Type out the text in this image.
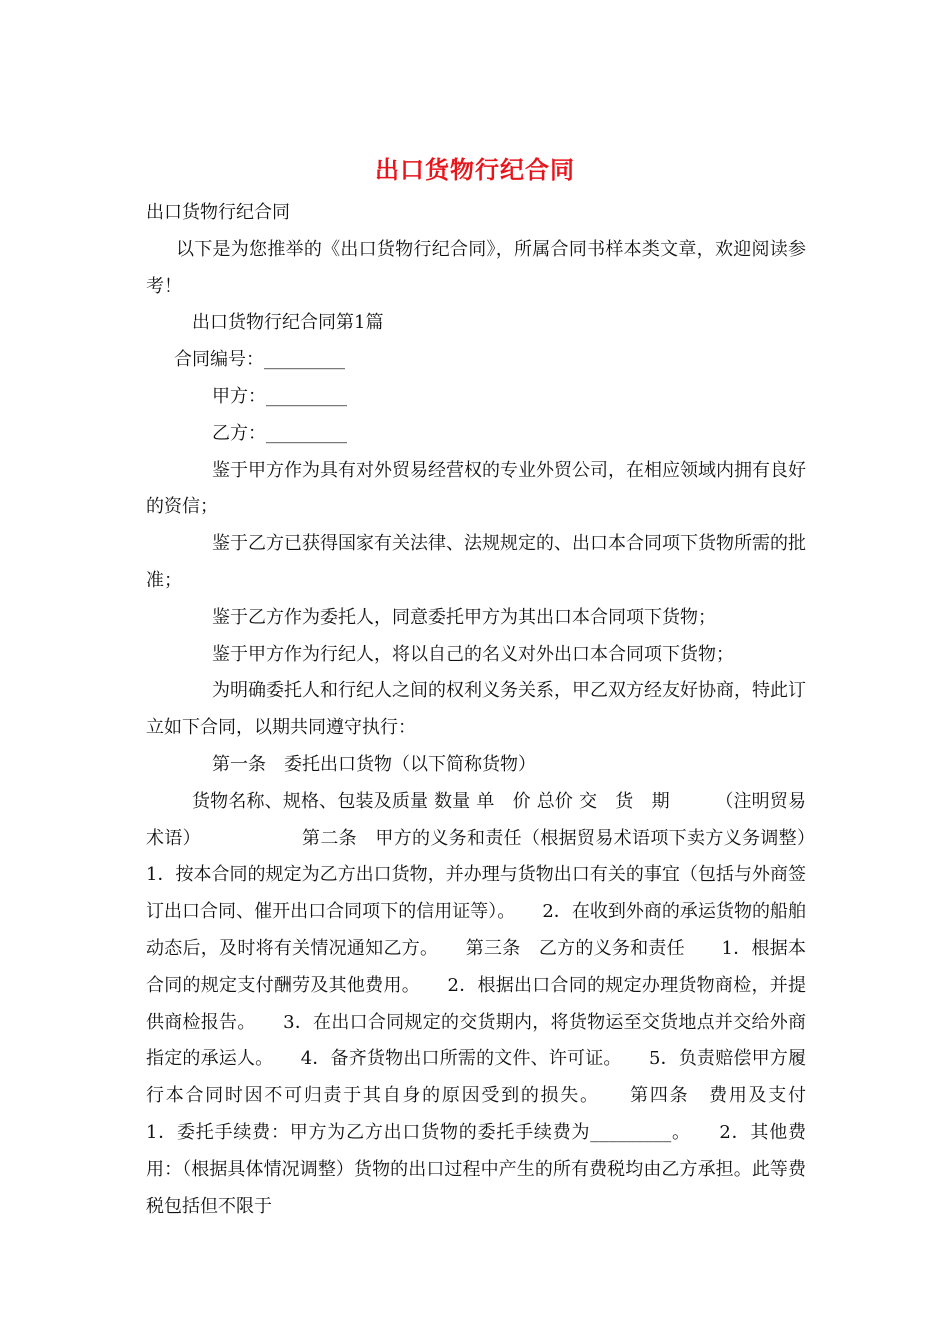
出口货物行纪合同

出口货物行纪合同

以下是为您推举的《出口货物行纪合同》，所属合同书样本类文章，欢迎阅读参考！

出口货物行纪合同第1篇

合同编号：_________

甲方：_________

乙方：_________

鉴于甲方作为具有对外贸易经营权的专业外贸公司，在相应领域内拥有良好的资信；

鉴于乙方已获得国家有关法律、法规规定的、出口本合同项下货物所需的批准；

鉴于乙方作为委托人，同意委托甲方为其出口本合同项下货物；

鉴于甲方作为行纪人，将以自己的名义对外出口本合同项下货物；

为明确委托人和行纪人之间的权利义务关系，甲乙双方经友好协商，特此订立如下合同，以期共同遵守执行：

第一条　委托出口货物（以下简称货物）

货物名称、规格、包装及质量 数量 单　价 总价 交　货　期　　　（注明贸易术语）　　　　　　第二条　甲方的义务和责任（根据贸易术语项下卖方义务调整）　　1．按本合同的规定为乙方出口货物，并办理与货物出口有关的事宜（包括与外商签订出口合同、催开出口合同项下的信用证等）。　　2．在收到外商的承运货物的船舶动态后，及时将有关情况通知乙方。　　第三条　乙方的义务和责任　　1．根据本合同的规定支付酬劳及其他费用。　　2．根据出口合同的规定办理货物商检，并提供商检报告。　　3．在出口合同规定的交货期内，将货物运至交货地点并交给外商指定的承运人。　　4．备齐货物出口所需的文件、许可证。　　5．负责赔偿甲方履行本合同时因不可归责于其自身的原因受到的损失。　　第四条　费用及支付　　1．委托手续费：甲方为乙方出口货物的委托手续费为_________。　　2．其他费用：（根据具体情况调整）货物的出口过程中产生的所有费税均由乙方承担。此等费税包括但不限于
